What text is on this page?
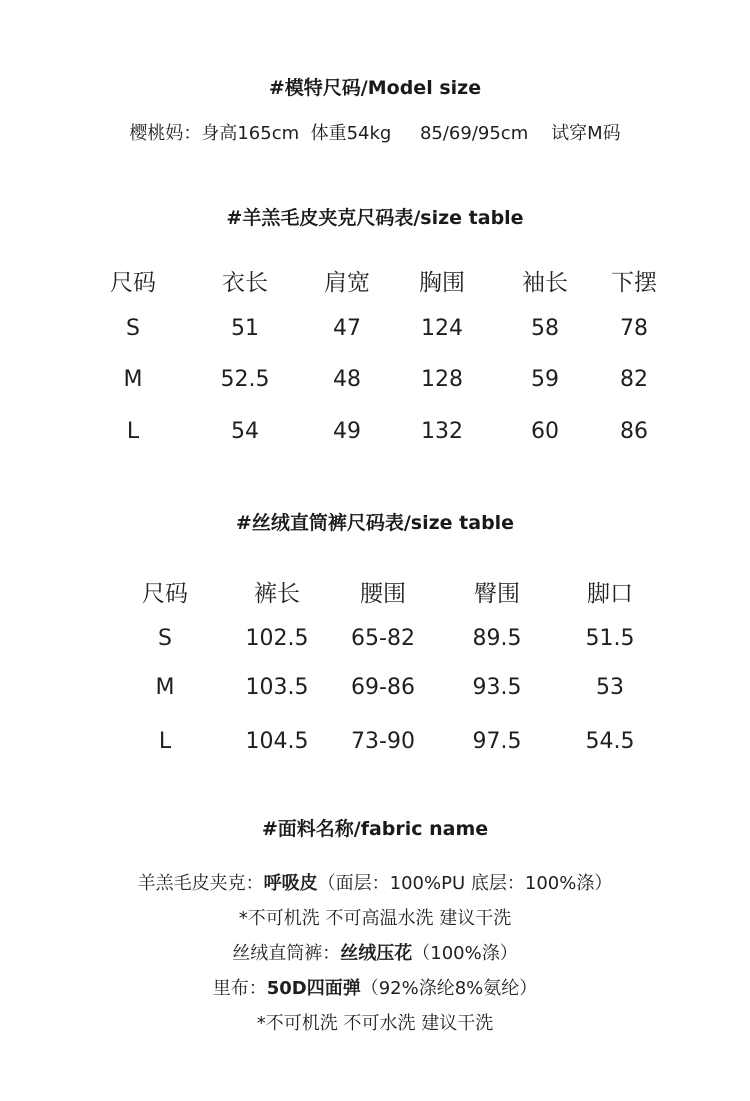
#模特尺码/Model size
樱桃妈：身高165cm  体重54kg     85/69/95cm    试穿M码
#羊羔毛皮夹克尺码表/size table
尺码	衣长	肩宽	胸围	袖长	下摆
S	51	47	124	58	78
M	52.5	48	128	59	82
L	54	49	132	60	86
#丝绒直筒裤尺码表/size table
尺码	裤长	腰围	臀围	脚口
S	102.5	65-82	89.5	51.5
M	103.5	69-86	93.5	53
L	104.5	73-90	97.5	54.5
#面料名称/fabric name
羊羔毛皮夹克：呼吸皮（面层：100%PU 底层：100%涤）
*不可机洗 不可高温水洗 建议干洗
丝绒直筒裤：丝绒压花（100%涤）
里布：50D四面弹（92%涤纶8%氨纶）
*不可机洗 不可水洗 建议干洗
